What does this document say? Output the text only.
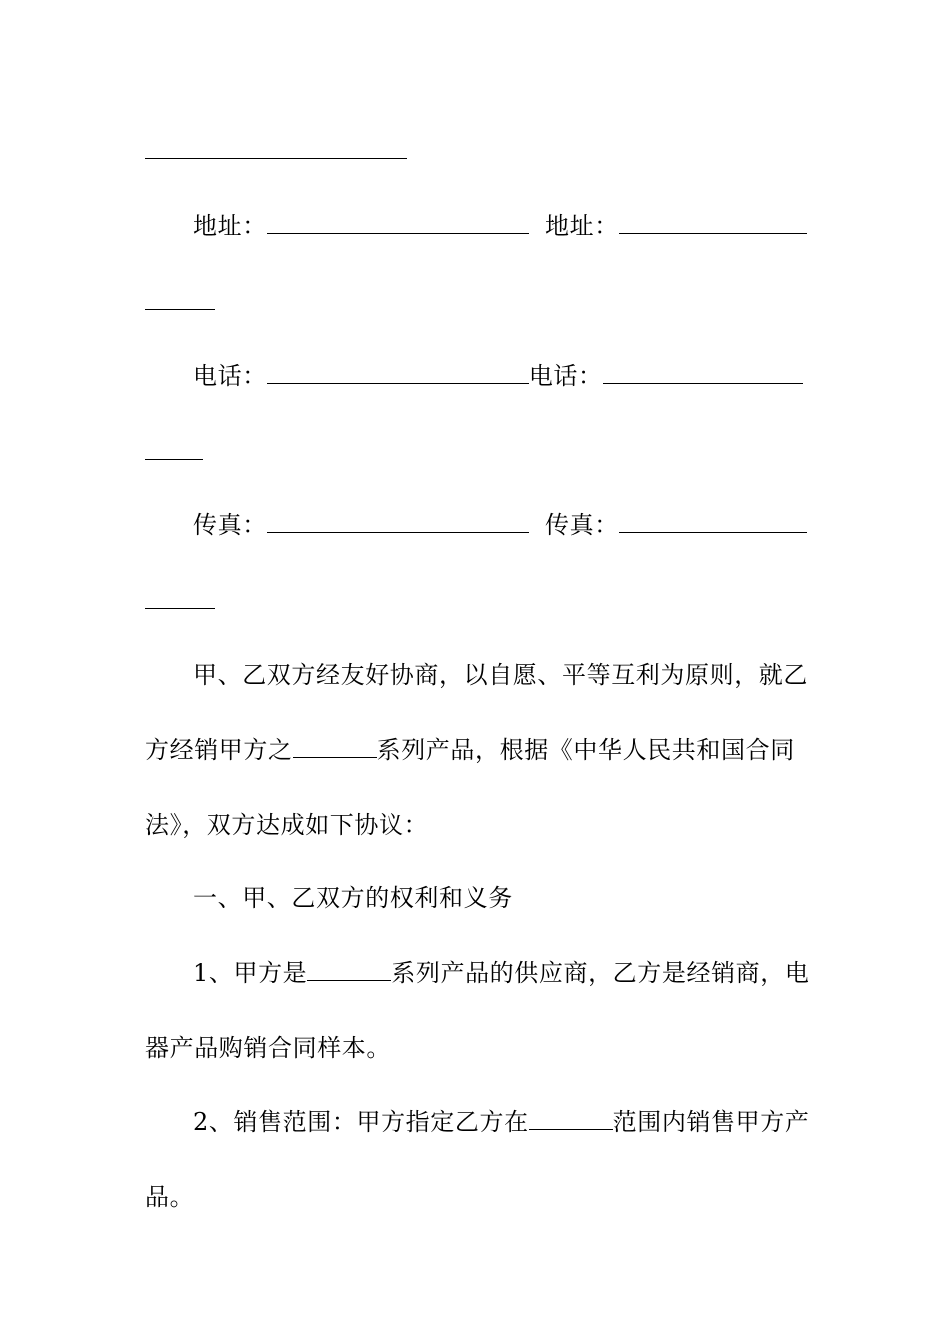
地址：	地址：
电话：	电话：
传真：	传真：
甲、乙双方经友好协商，以自愿、平等互利为原则，就乙
方经销甲方之	系列产品，根据《中华人民共和国合同
法》，双方达成如下协议：
一、甲、乙双方的权利和义务
1、甲方是	系列产品的供应商，乙方是经销商，电
器产品购销合同样本。
2、销售范围：甲方指定乙方在	范围内销售甲方产
品。
